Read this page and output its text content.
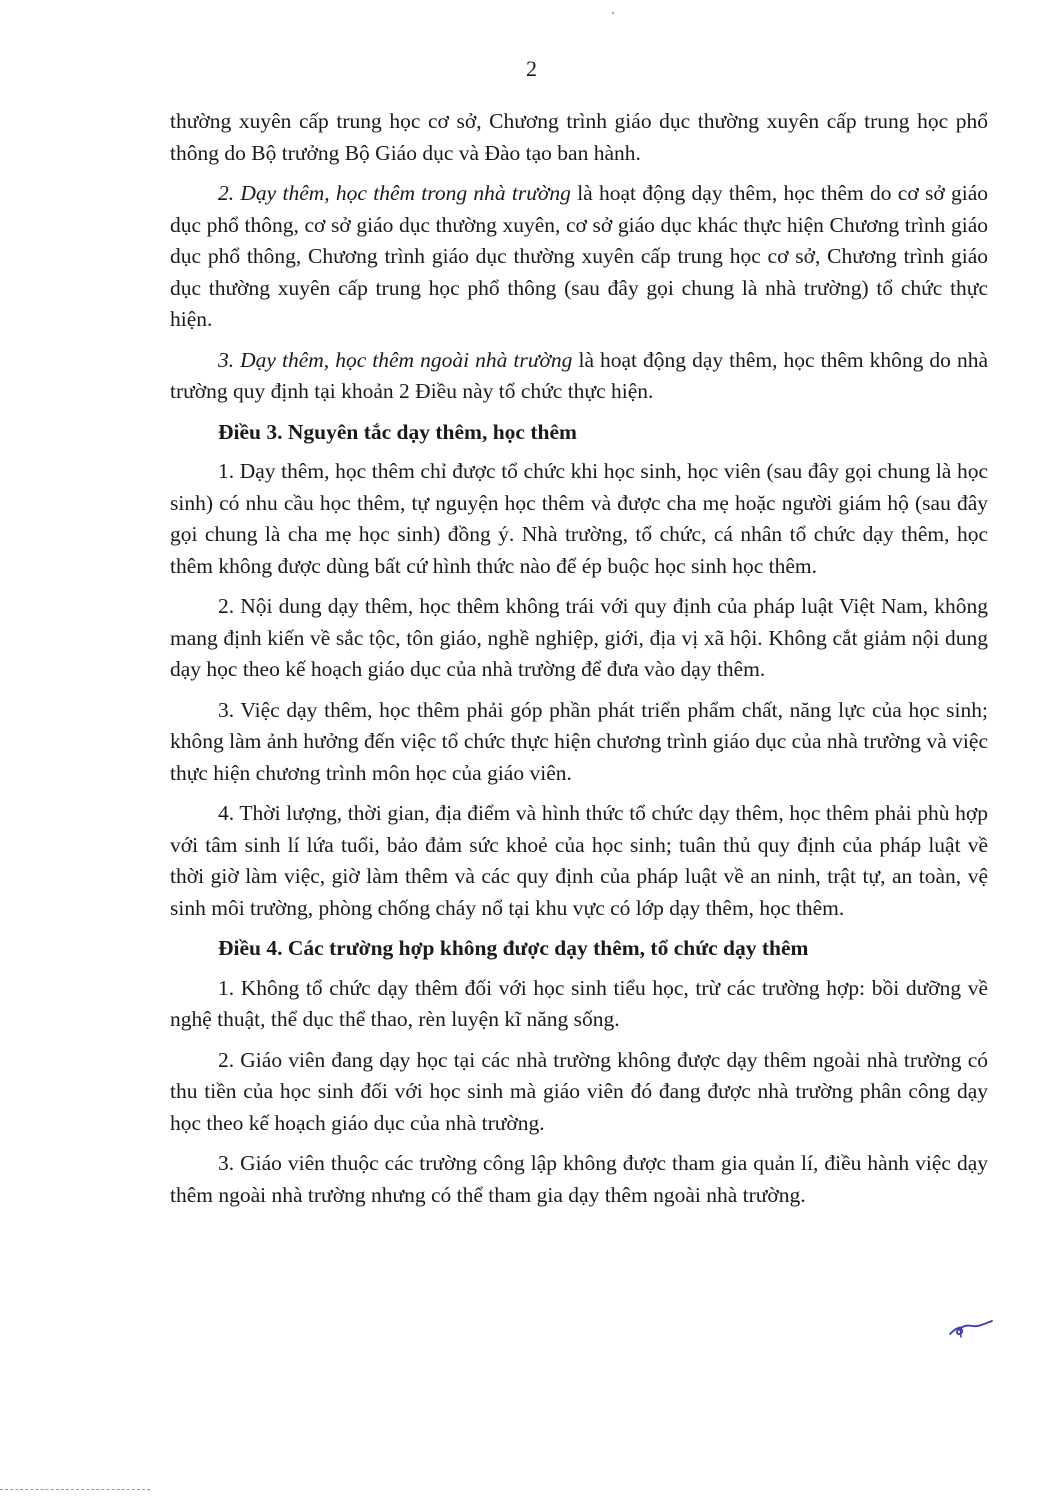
2

thường xuyên cấp trung học cơ sở, Chương trình giáo dục thường xuyên cấp trung học phổ thông do Bộ trưởng Bộ Giáo dục và Đào tạo ban hành.

2. Dạy thêm, học thêm trong nhà trường là hoạt động dạy thêm, học thêm do cơ sở giáo dục phổ thông, cơ sở giáo dục thường xuyên, cơ sở giáo dục khác thực hiện Chương trình giáo dục phổ thông, Chương trình giáo dục thường xuyên cấp trung học cơ sở, Chương trình giáo dục thường xuyên cấp trung học phổ thông (sau đây gọi chung là nhà trường) tổ chức thực hiện.

3. Dạy thêm, học thêm ngoài nhà trường là hoạt động dạy thêm, học thêm không do nhà trường quy định tại khoản 2 Điều này tổ chức thực hiện.

Điều 3. Nguyên tắc dạy thêm, học thêm

1. Dạy thêm, học thêm chỉ được tổ chức khi học sinh, học viên (sau đây gọi chung là học sinh) có nhu cầu học thêm, tự nguyện học thêm và được cha mẹ hoặc người giám hộ (sau đây gọi chung là cha mẹ học sinh) đồng ý. Nhà trường, tổ chức, cá nhân tổ chức dạy thêm, học thêm không được dùng bất cứ hình thức nào để ép buộc học sinh học thêm.

2. Nội dung dạy thêm, học thêm không trái với quy định của pháp luật Việt Nam, không mang định kiến về sắc tộc, tôn giáo, nghề nghiệp, giới, địa vị xã hội. Không cắt giảm nội dung dạy học theo kế hoạch giáo dục của nhà trường để đưa vào dạy thêm.

3. Việc dạy thêm, học thêm phải góp phần phát triển phẩm chất, năng lực của học sinh; không làm ảnh hưởng đến việc tổ chức thực hiện chương trình giáo dục của nhà trường và việc thực hiện chương trình môn học của giáo viên.

4. Thời lượng, thời gian, địa điểm và hình thức tổ chức dạy thêm, học thêm phải phù hợp với tâm sinh lí lứa tuổi, bảo đảm sức khoẻ của học sinh; tuân thủ quy định của pháp luật về thời giờ làm việc, giờ làm thêm và các quy định của pháp luật về an ninh, trật tự, an toàn, vệ sinh môi trường, phòng chống cháy nổ tại khu vực có lớp dạy thêm, học thêm.

Điều 4. Các trường hợp không được dạy thêm, tổ chức dạy thêm

1. Không tổ chức dạy thêm đối với học sinh tiểu học, trừ các trường hợp: bồi dưỡng về nghệ thuật, thể dục thể thao, rèn luyện kĩ năng sống.

2. Giáo viên đang dạy học tại các nhà trường không được dạy thêm ngoài nhà trường có thu tiền của học sinh đối với học sinh mà giáo viên đó đang được nhà trường phân công dạy học theo kế hoạch giáo dục của nhà trường.

3. Giáo viên thuộc các trường công lập không được tham gia quản lí, điều hành việc dạy thêm ngoài nhà trường nhưng có thể tham gia dạy thêm ngoài nhà trường.
